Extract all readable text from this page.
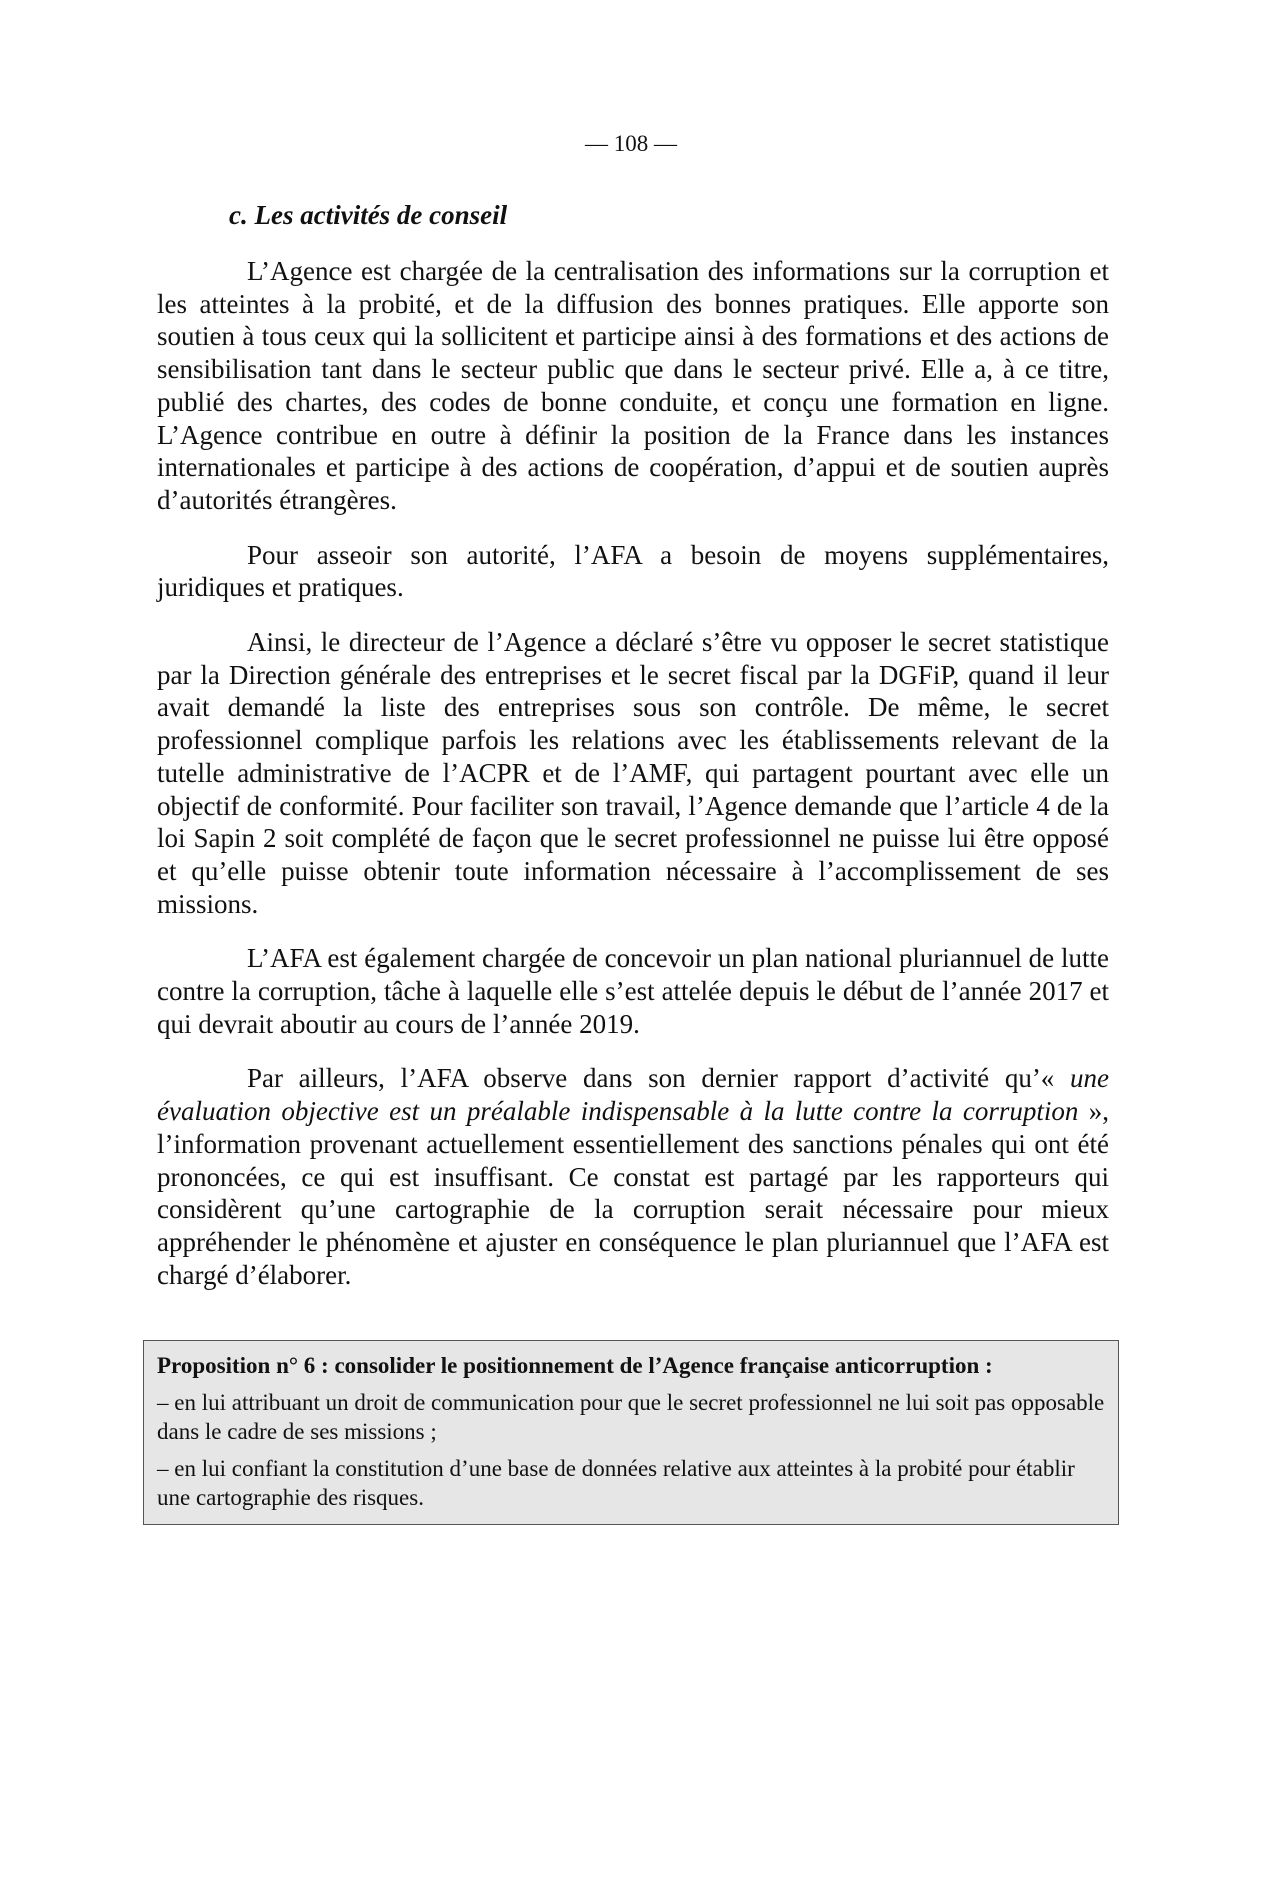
— 108 —
c. Les activités de conseil

L’Agence est chargée de la centralisation des informations sur la corruption et les atteintes à la probité, et de la diffusion des bonnes pratiques. Elle apporte son soutien à tous ceux qui la sollicitent et participe ainsi à des formations et des actions de sensibilisation tant dans le secteur public que dans le secteur privé. Elle a, à ce titre, publié des chartes, des codes de bonne conduite, et conçu une formation en ligne. L’Agence contribue en outre à définir la position de la France dans les instances internationales et participe à des actions de coopération, d’appui et de soutien auprès d’autorités étrangères.

Pour asseoir son autorité, l’AFA a besoin de moyens supplémentaires, juridiques et pratiques.

Ainsi, le directeur de l’Agence a déclaré s’être vu opposer le secret statistique par la Direction générale des entreprises et le secret fiscal par la DGFiP, quand il leur avait demandé la liste des entreprises sous son contrôle. De même, le secret professionnel complique parfois les relations avec les établissements relevant de la tutelle administrative de l’ACPR et de l’AMF, qui partagent pourtant avec elle un objectif de conformité. Pour faciliter son travail, l’Agence demande que l’article 4 de la loi Sapin 2 soit complété de façon que le secret professionnel ne puisse lui être opposé et qu’elle puisse obtenir toute information nécessaire à l’accomplissement de ses missions.

L’AFA est également chargée de concevoir un plan national pluriannuel de lutte contre la corruption, tâche à laquelle elle s’est attelée depuis le début de l’année 2017 et qui devrait aboutir au cours de l’année 2019.

Par ailleurs, l’AFA observe dans son dernier rapport d’activité qu’« une évaluation objective est un préalable indispensable à la lutte contre la corruption », l’information provenant actuellement essentiellement des sanctions pénales qui ont été prononcées, ce qui est insuffisant. Ce constat est partagé par les rapporteurs qui considèrent qu’une cartographie de la corruption serait nécessaire pour mieux appréhender le phénomène et ajuster en conséquence le plan pluriannuel que l’AFA est chargé d’élaborer.

Proposition n° 6 : consolider le positionnement de l’Agence française anticorruption :
– en lui attribuant un droit de communication pour que le secret professionnel ne lui soit pas opposable dans le cadre de ses missions ;
– en lui confiant la constitution d’une base de données relative aux atteintes à la probité pour établir une cartographie des risques.
